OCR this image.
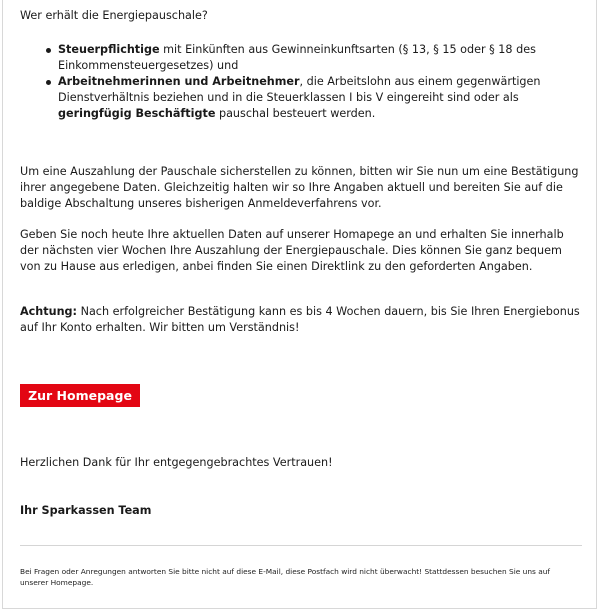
Wer erhält die Energiepauschale?

Steuerpflichtige mit Einkünften aus Gewinneinkunftsarten (§ 13, § 15 oder § 18 des Einkommensteuergesetzes) und
Arbeitnehmerinnen und Arbeitnehmer, die Arbeitslohn aus einem gegenwärtigen Dienstverhältnis beziehen und in die Steuerklassen I bis V eingereiht sind oder als geringfügig Beschäftigte pauschal besteuert werden.

Um eine Auszahlung der Pauschale sicherstellen zu können, bitten wir Sie nun um eine Bestätigung ihrer angegebene Daten. Gleichzeitig halten wir so Ihre Angaben aktuell und bereiten Sie auf die baldige Abschaltung unseres bisherigen Anmeldeverfahrens vor.

Geben Sie noch heute Ihre aktuellen Daten auf unserer Homapege an und erhalten Sie innerhalb der nächsten vier Wochen Ihre Auszahlung der Energiepauschale. Dies können Sie ganz bequem von zu Hause aus erledigen, anbei finden Sie einen Direktlink zu den geforderten Angaben.

Achtung: Nach erfolgreicher Bestätigung kann es bis 4 Wochen dauern, bis Sie Ihren Energiebonus auf Ihr Konto erhalten. Wir bitten um Verständnis!

Zur Homepage

Herzlichen Dank für Ihr entgegengebrachtes Vertrauen!

Ihr Sparkassen Team

Bei Fragen oder Anregungen antworten Sie bitte nicht auf diese E-Mail, diese Postfach wird nicht überwacht! Stattdessen besuchen Sie uns auf unserer Homepage.
